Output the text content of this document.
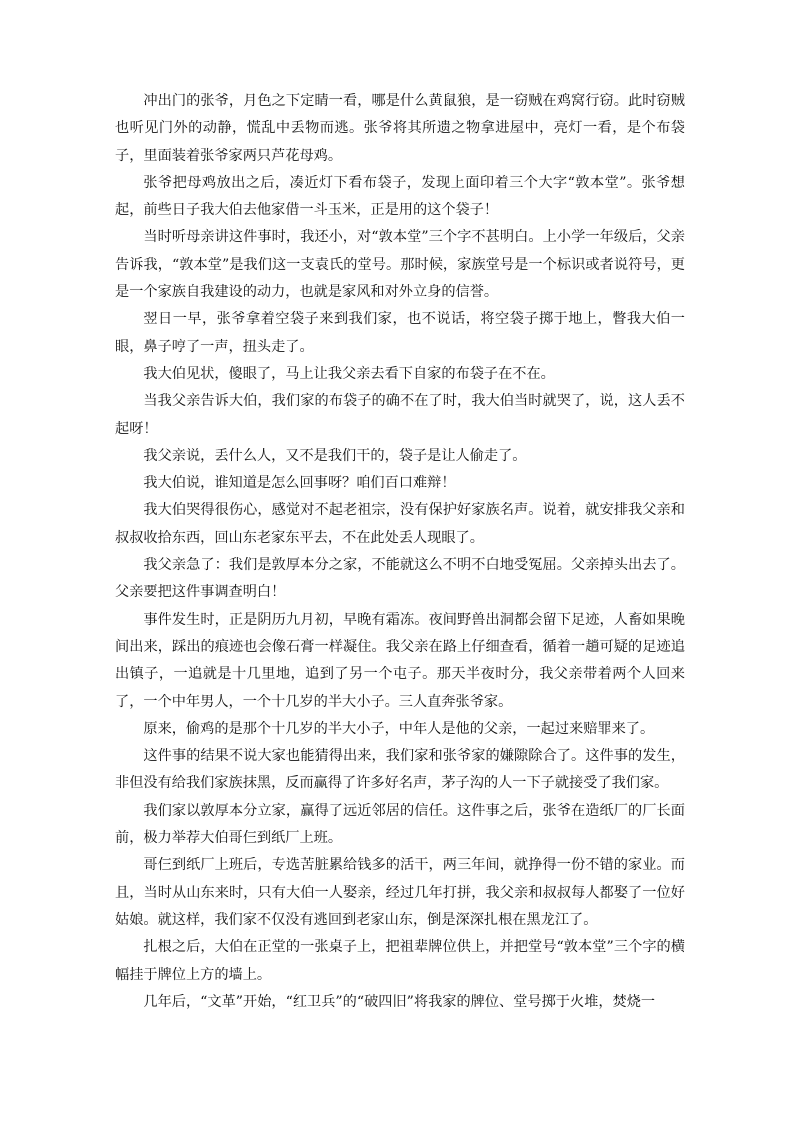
冲出门的张爷，月色之下定睛一看，哪是什么黄鼠狼，是一窃贼在鸡窝行窃。此时窃贼也听见门外的动静，慌乱中丢物而逃。张爷将其所遗之物拿进屋中，亮灯一看，是个布袋子，里面装着张爷家两只芦花母鸡。

张爷把母鸡放出之后，凑近灯下看布袋子，发现上面印着三个大字“敦本堂”。张爷想起，前些日子我大伯去他家借一斗玉米，正是用的这个袋子！

当时听母亲讲这件事时，我还小，对“敦本堂”三个字不甚明白。上小学一年级后，父亲告诉我，“敦本堂”是我们这一支袁氏的堂号。那时候，家族堂号是一个标识或者说符号，更是一个家族自我建设的动力，也就是家风和对外立身的信誉。

翌日一早，张爷拿着空袋子来到我们家，也不说话，将空袋子掷于地上，瞥我大伯一眼，鼻子哼了一声，扭头走了。

我大伯见状，傻眼了，马上让我父亲去看下自家的布袋子在不在。

当我父亲告诉大伯，我们家的布袋子的确不在了时，我大伯当时就哭了，说，这人丢不起呀！

我父亲说，丢什么人，又不是我们干的，袋子是让人偷走了。

我大伯说，谁知道是怎么回事呀？咱们百口难辩！

我大伯哭得很伤心，感觉对不起老祖宗，没有保护好家族名声。说着，就安排我父亲和叔叔收拾东西，回山东老家东平去，不在此处丢人现眼了。

我父亲急了：我们是敦厚本分之家，不能就这么不明不白地受冤屈。父亲掉头出去了。父亲要把这件事调查明白！

事件发生时，正是阴历九月初，早晚有霜冻。夜间野兽出洞都会留下足迹，人畜如果晚间出来，踩出的痕迹也会像石膏一样凝住。我父亲在路上仔细查看，循着一趟可疑的足迹追出镇子，一追就是十几里地，追到了另一个屯子。那天半夜时分，我父亲带着两个人回来了，一个中年男人，一个十几岁的半大小子。三人直奔张爷家。

原来，偷鸡的是那个十几岁的半大小子，中年人是他的父亲，一起过来赔罪来了。

这件事的结果不说大家也能猜得出来，我们家和张爷家的嫌隙除合了。这件事的发生，非但没有给我们家族抹黑，反而赢得了许多好名声，茅子沟的人一下子就接受了我们家。

我们家以敦厚本分立家，赢得了远近邻居的信任。这件事之后，张爷在造纸厂的厂长面前，极力举荐大伯哥仨到纸厂上班。

哥仨到纸厂上班后，专选苦脏累给钱多的活干，两三年间，就挣得一份不错的家业。而且，当时从山东来时，只有大伯一人娶亲，经过几年打拼，我父亲和叔叔每人都娶了一位好姑娘。就这样，我们家不仅没有逃回到老家山东，倒是深深扎根在黑龙江了。

扎根之后，大伯在正堂的一张桌子上，把祖辈牌位供上，并把堂号“敦本堂”三个字的横幅挂于牌位上方的墙上。

几年后，“文革”开始，“红卫兵”的“破四旧”将我家的牌位、堂号掷于火堆，焚烧一
